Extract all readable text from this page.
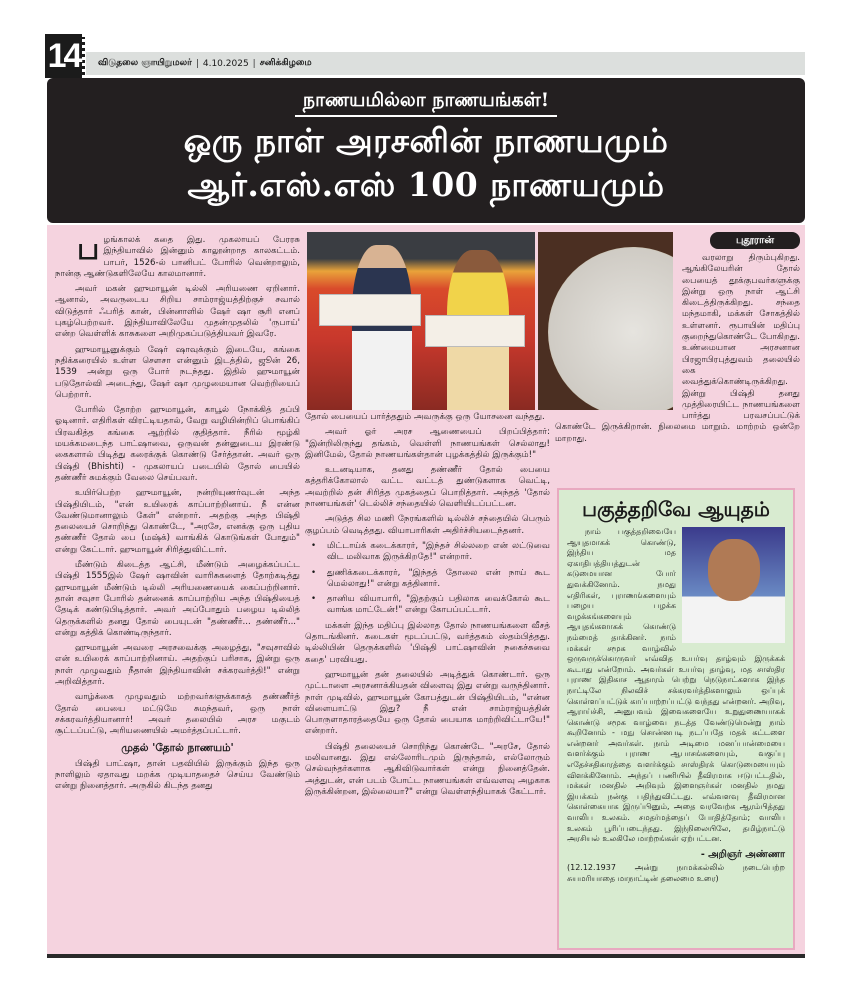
14	விடுதலை ஞாயிறுமலர் | 4.10.2025 | சனிக்கிழமை
நாணயமில்லா நாணயங்கள்!
ஒரு நாள் அரசனின் நாணயமும்
ஆர்.எஸ்.எஸ் 100 நாணயமும்

பழங்காலக் கதை இது. முகலாயப் பேரரசு இந்தியாவில் இன்னும் காலூன்றாத காலகட்டம். பாபர், 1526-ல் பானிபட் போரில் வென்றாலும், நான்கு ஆண்டுகளிலேயே காலமானார்.

அவர் மகன் ஹுமாயூன் டில்லி அரியணை ஏறினார். ஆனால், அவருடைய சிறிய சாம்ராஜ்யத்திற்குச் சவால் விடுத்தார் ஃபரித் கான், பின்னாளில் ஷேர் ஷா சூரி எனப் புகழ்பெற்றவர். இந்தியாவிலேயே முதன்முதலில் 'ருபாய்' என்ற வெள்ளிக் காசுகளை அறிமுகப்படுத்தியவர் இவரே.

ஹுமாயூனுக்கும் ஷேர் ஷாவுக்கும் இடையே, கங்கை நதிக்கரையில் உள்ள சௌசா என்னும் இடத்தில், ஜூன் 26, 1539 அன்று ஒரு போர் நடந்தது. இதில் ஹுமாயூன் படுதோல்வி அடைந்து, ஷேர் ஷா முழுமையான வெற்றியைப் பெற்றார்.

போரில் தோற்ற ஹுமாயூன், காபூல் நோக்கித் தப்பி ஓடினார். எதிரிகள் விரட்டியதால், வேறு வழியின்றிப் பொங்கிப் பிரவகித்த கங்கை ஆற்றில் குதித்தார். நீரில் மூழ்கி மயக்கமடைந்த பாட்ஷாவை, ஒருவன் தன்னுடைய இரண்டு கைகளால் பிடித்து கரைக்குக் கொண்டு சேர்த்தான். அவர் ஒரு பிஷ்தி (Bhishti) - முகலாயப் படையில் தோல் பையில் தண்ணீர் சுமக்கும் வேலை செய்பவர்.

உயிர்பெற்ற ஹுமாயூன், நன்றியுணர்வுடன் அந்த பிஷ்தியிடம், "என் உயிரைக் காப்பாற்றினாய். நீ என்ன வேண்டுமானாலும் கேள்" என்றார். அதற்கு அந்த பிஷ்தி தலையைச் சொறிந்து கொண்டே, "அரசே, எனக்கு ஒரு புதிய தண்ணீர் தோல் பை (மஷ்க்) வாங்கிக் கொடுங்கள் போதும்" என்று கேட்டார். ஹுமாயூன் சிரித்துவிட்டார்.

மீண்டும் கிடைத்த ஆட்சி, மீண்டும் அழைக்கப்பட்ட பிஷ்தி 1555இல் ஷேர் ஷாவின் வாரிசுகளைத் தோற்கடித்து ஹுமாயூன் மீண்டும் டில்லி அரியணையைக் கைப்பற்றினார். தான் சவுசா போரில் தன்னைக் காப்பாற்றிய அந்த பிஷ்தியைத் தேடிக் கண்டுபிடித்தார். அவர் அப்போதும் பழைய டில்லித் தெருக்களில் தனது தோல் பையுடன் "தண்ணீர்... தண்ணீர்..." என்று கத்திக் கொண்டிருந்தார்.

ஹுமாயூன் அவரை அரசவைக்கு அழைத்து, "சவுசாவில் என் உயிரைக் காப்பாற்றினாய். அதற்குப் பரிசாக, இன்று ஒரு நாள் முழுவதும் நீதான் இந்தியாவின் சக்கரவர்த்தி!" என்று அறிவித்தார்.

வாழ்க்கை முழுவதும் மற்றவர்களுக்காகத் தண்ணீர்த் தோல் பையை மட்டுமே சுமந்தவர், ஒரு நாள் சக்கரவர்த்தியானார்! அவர் தலையில் அரச மகுடம் சூட்டப்பட்டு, அரியணையில் அமர்த்தப்பட்டார்.

முதல் 'தோல் நாணயம்'

பிஷ்தி பாட்ஷா, தான் பதவியில் இருக்கும் இந்த ஒரு நாளிலும் ஏதாவது மறக்க முடியாததைச் செய்ய வேண்டும் என்று நினைத்தார். அருகில் கிடந்த தனது

தோல் பையைப் பார்த்ததும் அவருக்கு ஒரு யோசனை வந்தது.

அவர் ஓர் அரச ஆணையைப் பிறப்பித்தார்: "இன்றிலிருந்து தங்கம், வெள்ளி நாணயங்கள் செல்லாது! இனிமேல், தோல் நாணயங்கள்தான் புழக்கத்தில் இருக்கும்!"

உடனடியாக, தனது தண்ணீர் தோல் பையை கத்தரிக்கோலால் வட்ட வட்டத் துண்டுகளாக வெட்டி, அவற்றில் தன் சிரித்த முகத்தைப் பொறித்தார். அந்தத் 'தோல் நாணயங்கள்' டெல்லிச் சந்தையில் வெளியிடப்பட்டன.

அடுத்த சில மணி நேரங்களில் டில்லிச் சந்தையில் பெரும் குழப்பம் வெடித்தது. வியாபாரிகள் அதிர்ச்சியடைந்தனர்.

• மிட்டாய்க் கடைக்காரர், "இந்தச் சில்லறை என் லட்டுவை விட மலிவாக இருக்கிறதே!" என்றார்.

• துணிக்கடைக்காரர், "இந்தத் தோலை என் நாய் கூட மெல்லாது!" என்று கத்தினார்.

• தானிய வியாபாரி, "இதற்குப் பதிலாக வைக்கோல் கூட வாங்க மாட்டேன்!" என்று கோபப்பட்டார்.

மக்கள் இந்த மதிப்பு இல்லாத தோல் நாணயங்களை வீசத் தொடங்கினர். கடைகள் மூடப்பட்டு, வர்த்தகம் ஸ்தம்பித்தது. டில்லியின் தெருக்களில் 'பிஷ்தி பாட்ஷாவின் நகைச்சுவை கதை' பரவியது.

ஹுமாயூன் தன் தலையில் அடித்துக் கொண்டார். ஒரு முட்டாளை அரசனாக்கியதன் விளைவு இது என்று வருந்தினார். நாள் முடிவில், ஹுமாயூன் கோபத்துடன் பிஷ்தியிடம், "என்ன விளையாட்டு இது? நீ என் சாம்ராஜ்யத்தின் பொருளாதாரத்தையே ஒரு தோல் பையாக மாற்றிவிட்டாயே!" என்றார்.

பிஷ்தி தலையைச் சொறிந்து கொண்டே "அரசே, தோல் மலிவானது. இது எல்லோரிடமும் இருந்தால், எல்லோரும் செல்வந்தர்களாக ஆகிவிடுவார்கள் என்று நினைத்தேன். அத்துடன், என் படம் போட்ட நாணயங்கள் எவ்வளவு அழகாக இருக்கின்றன, இல்லையா?" என்று வெள்ளந்தியாகக் கேட்டார்.

புதூரான்

வரலாறு திரும்புகிறது. ஆங்கிலேயரின் தோல் பையைத் தூக்குபவர்களுக்கு இன்று ஒரு நாள் ஆட்சி கிடைத்திருக்கிறது. சந்தை மந்தமாகி, மக்கள் சோகத்தில் உள்ளனர். ரூபாயின் மதிப்பு குறைந்துகொண்டே போகிறது. உண்மையான அரசனான பிரஜாபிரபுத்துவம் தலையில் கை வைத்துக்கொண்டிருக்கிறது. இன்று பிஷ்தி தனது முத்திரையிட்ட நாணயங்களை பார்த்து பரவசப்பட்டுக் கொண்டே இருக்கிறான். நிலைமை மாறும். மாற்றம் ஒன்றே மாறாது.

பகுத்தறிவே ஆயுதம்

நாம் பகுத்தறிவையே ஆயுதமாகக் கொண்டு, இந்திய மத ஏகாதிபத்தியத்துடன் கடுமையான போர் துவக்கினோம். நமது எதிரிகள், புராணங்களையும் பழைய பழக்க வழக்கங்களையும் ஆயுதங்களாகக் கொண்டு நம்மைத் தாக்கினர். நாம் மக்கள் சமூக வாழ்வில் ஒருவருக்கொருவர் எவ்வித உயர்வு தாழ்வும் இருக்கக் கூடாது என்றோம். அவர்கள் உயர்வு தாழ்வு, மத சாஸ்திர புராண இதிகாச ஆதாரம் பெற்று நெடுநாட்களாக இந்த நாட்டிலே நிலவிச் சக்கரவர்த்திகளாலும் ஒப்புக் கொள்ளப்பட்டுக் காப்பாற்றப்பட்டு வந்தது என்றனர். அறிவு, ஆராய்ச்சி, அனுபவம் இவைகளையே உறுதுணையாகக் கொண்டு சமூக வாழ்வை நடத்த வேண்டுமென்று நாம் கூறினோம் - மநு சொன்னபடி நடப்பதே மதக் கட்டளை என்றனர் அவர்கள். நாம் அடிமை மனப்பான்மையை வளர்க்கும் புராண ஆபாசங்களையும், வகுப்பு எதேச்சதிகாரத்தை வளர்க்கும் சாஸ்திரக் கொடுமையையும் விளக்கினோம். அந்தப் பணியில் தீவிரமாக ஈடுபட்டதில், மக்கள் மனதில் அறிவும் இளைஞர்கள் மனதில் நமது இயக்கம் நன்கு பதிந்துவிட்டது. எவ்வளவு தீவிரமான கொள்கையாக இருப்பினும், அதை வரவேற்க ஆரம்பித்தது வாலிப உலகம். சமதர்மத்தைப் போதித்தோம்; வாலிப உலகம் பூரிப்படைந்தது. இந்நிலையிலே, தமிழ்நாட்டு அரசியல் உலகிலே மாற்றங்கள் ஏற்பட்டன.

- அறிஞர் அண்ணா
(12.12.1937 அன்று நாமக்கல்லில் நடைபெற்ற சுயமரியாதை மாநாட்டின் தலைமை உரை)
